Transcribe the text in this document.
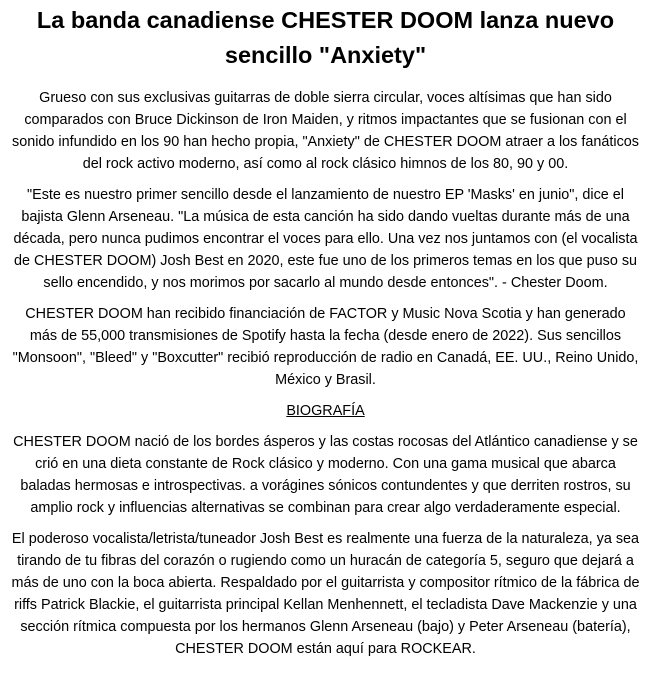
La banda canadiense CHESTER DOOM lanza nuevo sencillo "Anxiety"

Grueso con sus exclusivas guitarras de doble sierra circular, voces altísimas que han sido comparados con Bruce Dickinson de Iron Maiden, y ritmos impactantes que se fusionan con el sonido infundido en los 90 han hecho propia, "Anxiety" de CHESTER DOOM atraer a los fanáticos del rock activo moderno, así como al rock clásico himnos de los 80, 90 y 00.

"Este es nuestro primer sencillo desde el lanzamiento de nuestro EP 'Masks' en junio", dice el bajista Glenn Arseneau. "La música de esta canción ha sido dando vueltas durante más de una década, pero nunca pudimos encontrar el voces para ello. Una vez nos juntamos con (el vocalista de CHESTER DOOM) Josh Best en 2020, este fue uno de los primeros temas en los que puso su sello encendido, y nos morimos por sacarlo al mundo desde entonces". - Chester Doom.

CHESTER DOOM han recibido financiación de FACTOR y Music Nova Scotia y han generado más de 55,000 transmisiones de Spotify hasta la fecha (desde enero de 2022). Sus sencillos "Monsoon", "Bleed" y "Boxcutter" recibió reproducción de radio en Canadá, EE. UU., Reino Unido, México y Brasil.

BIOGRAFÍA

CHESTER DOOM nació de los bordes ásperos y las costas rocosas del Atlántico canadiense y se crió en una dieta constante de Rock clásico y moderno. Con una gama musical que abarca baladas hermosas e introspectivas. a vorágines sónicos contundentes y que derriten rostros, su amplio rock y influencias alternativas se combinan para crear algo verdaderamente especial.

El poderoso vocalista/letrista/tuneador Josh Best es realmente una fuerza de la naturaleza, ya sea tirando de tu fibras del corazón o rugiendo como un huracán de categoría 5, seguro que dejará a más de uno con la boca abierta. Respaldado por el guitarrista y compositor rítmico de la fábrica de riffs Patrick Blackie, el guitarrista principal Kellan Menhennett, el tecladista Dave Mackenzie y una sección rítmica compuesta por los hermanos Glenn Arseneau (bajo) y Peter Arseneau (batería), CHESTER DOOM están aquí para ROCKEAR.
